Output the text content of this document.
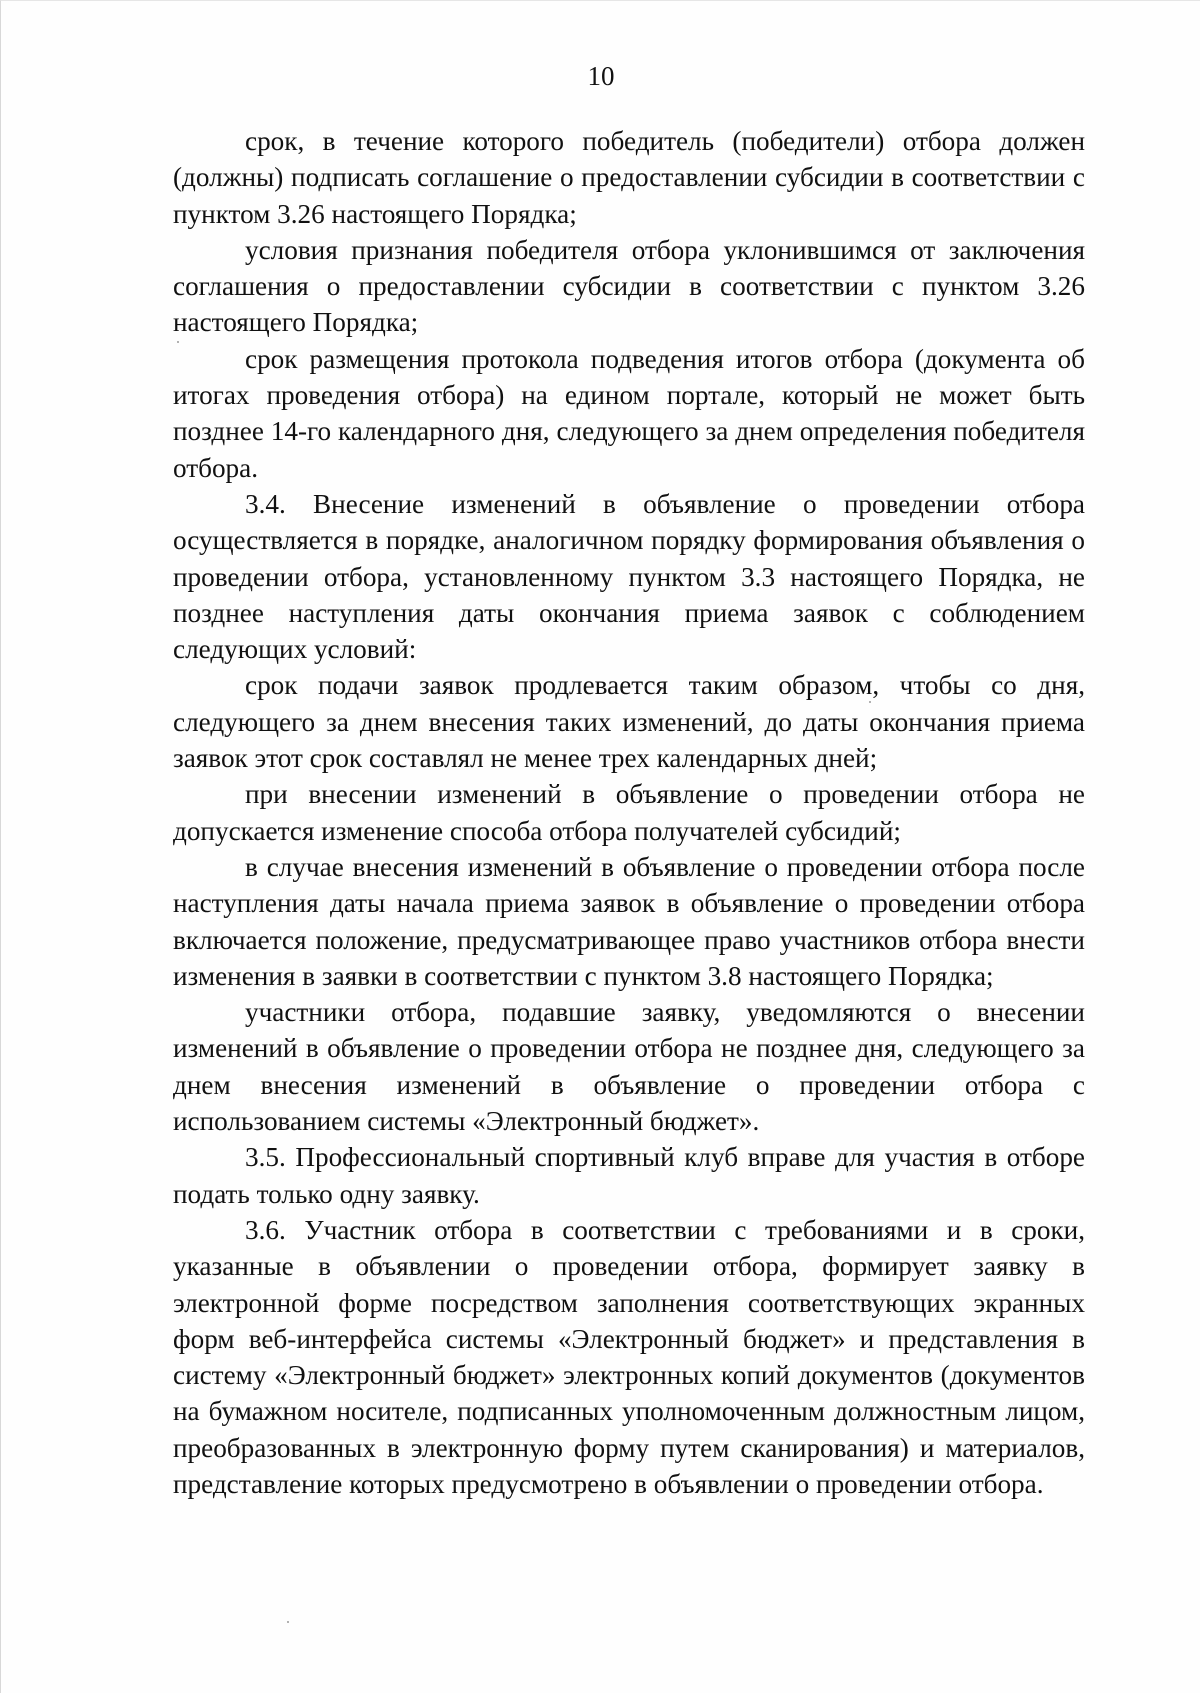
10

срок, в течение которого победитель (победители) отбора должен (должны) подписать соглашение о предоставлении субсидии в соответствии с пунктом 3.26 настоящего Порядка;

условия признания победителя отбора уклонившимся от заключения соглашения о предоставлении субсидии в соответствии с пунктом 3.26 настоящего Порядка;

срок размещения протокола подведения итогов отбора (документа об итогах проведения отбора) на едином портале, который не может быть позднее 14-го календарного дня, следующего за днем определения победителя отбора.

3.4. Внесение изменений в объявление о проведении отбора осуществляется в порядке, аналогичном порядку формирования объявления о проведении отбора, установленному пунктом 3.3 настоящего Порядка, не позднее наступления даты окончания приема заявок с соблюдением следующих условий:

срок подачи заявок продлевается таким образом, чтобы со дня, следующего за днем внесения таких изменений, до даты окончания приема заявок этот срок составлял не менее трех календарных дней;

при внесении изменений в объявление о проведении отбора не допускается изменение способа отбора получателей субсидий;

в случае внесения изменений в объявление о проведении отбора после наступления даты начала приема заявок в объявление о проведении отбора включается положение, предусматривающее право участников отбора внести изменения в заявки в соответствии с пунктом 3.8 настоящего Порядка;

участники отбора, подавшие заявку, уведомляются о внесении изменений в объявление о проведении отбора не позднее дня, следующего за днем внесения изменений в объявление о проведении отбора с использованием системы «Электронный бюджет».

3.5. Профессиональный спортивный клуб вправе для участия в отборе подать только одну заявку.

3.6. Участник отбора в соответствии с требованиями и в сроки, указанные в объявлении о проведении отбора, формирует заявку в электронной форме посредством заполнения соответствующих экранных форм веб-интерфейса системы «Электронный бюджет» и представления в систему «Электронный бюджет» электронных копий документов (документов на бумажном носителе, подписанных уполномоченным должностным лицом, преобразованных в электронную форму путем сканирования) и материалов, представление которых предусмотрено в объявлении о проведении отбора.
